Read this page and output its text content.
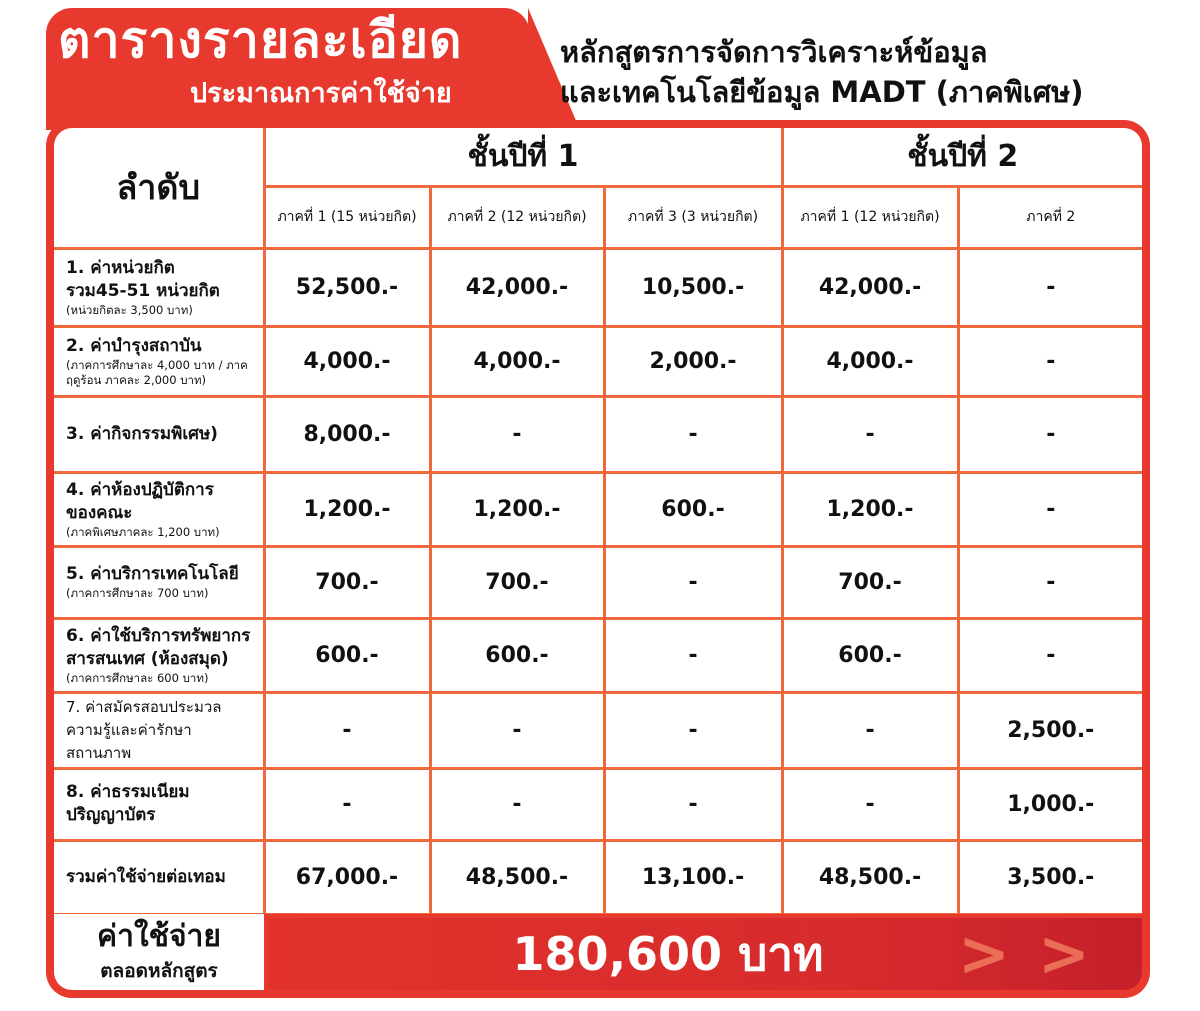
ตารางรายละเอียด
ประมาณการค่าใช้จ่าย
หลักสูตรการจัดการวิเคราะห์ข้อมูล
และเทคโนโลยีข้อมูล MADT (ภาคพิเศษ)
ลำดับ	ชั้นปีที่ 1			ชั้นปีที่ 2	
	ภาคที่ 1 (15 หน่วยกิต)	ภาคที่ 2 (12 หน่วยกิต)	ภาคที่ 3 (3 หน่วยกิต)	ภาคที่ 1 (12 หน่วยกิต)	ภาคที่ 2

1. ค่าหน่วยกิต
รวม45-51 หน่วยกิต
(หน่วยกิตละ 3,500 บาท)	52,500.-	42,000.-	10,500.-	42,000.-	-

2. ค่าบำรุงสถาบัน
(ภาคการศึกษาละ 4,000 บาท / ภาคฤดูร้อน ภาคละ 2,000 บาท)	4,000.-	4,000.-	2,000.-	4,000.-	-

3. ค่ากิจกรรมพิเศษ)	8,000.-	-	-	-	-

4. ค่าห้องปฏิบัติการ
ของคณะ
(ภาคพิเศษภาคละ 1,200 บาท)	1,200.-	1,200.-	600.-	1,200.-	-

5. ค่าบริการเทคโนโลยี
(ภาคการศึกษาละ 700 บาท)	700.-	700.-	-	700.-	-

6. ค่าใช้บริการทรัพยากร
สารสนเทศ (ห้องสมุด)
(ภาคการศึกษาละ 600 บาท)	600.-	600.-	-	600.-	-

7. ค่าสมัครสอบประมวล
ความรู้และค่ารักษาสถานภาพ	-	-	-	-	2,500.-

8. ค่าธรรมเนียม
ปริญญาบัตร	-	-	-	-	1,000.-

รวมค่าใช้จ่ายต่อเทอม	67,000.-	48,500.-	13,100.-	48,500.-	3,500.-
ค่าใช้จ่าย
ตลอดหลักสูตร	180,600 บาท	> >
